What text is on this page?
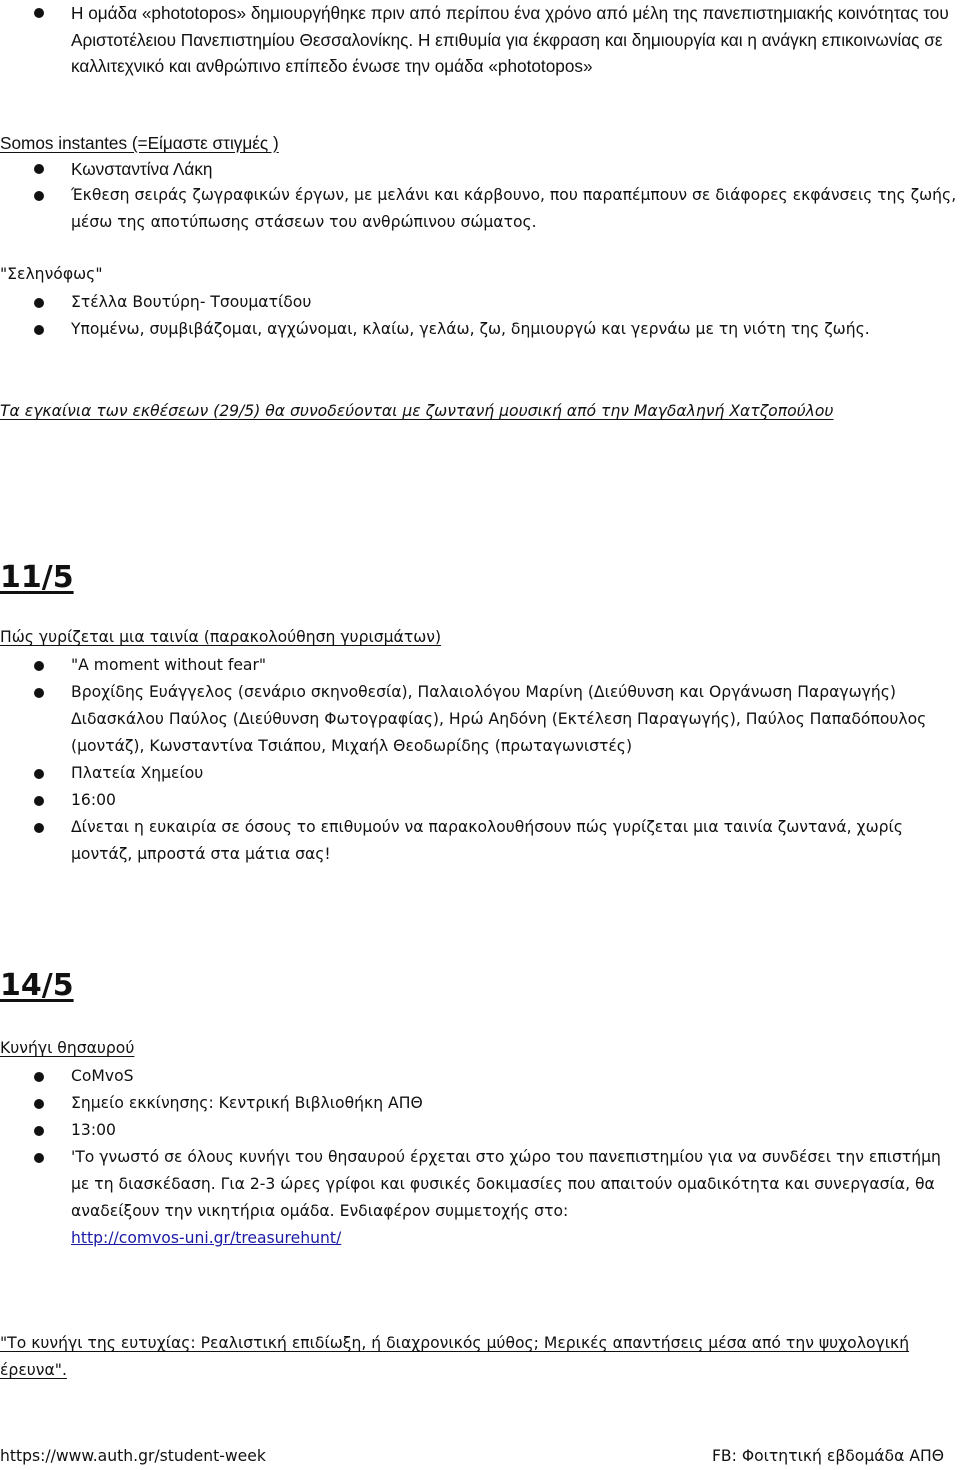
Η ομάδα «phototopos» δημιουργήθηκε πριν από περίπου ένα χρόνο από μέλη της πανεπιστημιακής κοινότητας του Αριστοτέλειου Πανεπιστημίου Θεσσαλονίκης. Η επιθυμία για έκφραση και δημιουργία και η ανάγκη επικοινωνίας σε καλλιτεχνικό και ανθρώπινο επίπεδο ένωσε την ομάδα «phototopos»
Somos instantes (=Είμαστε στιγμές )
Κωνσταντίνα Λάκη
Έκθεση σειράς ζωγραφικών έργων, με μελάνι και κάρβουνο, που παραπέμπουν σε διάφορες εκφάνσεις της ζωής, μέσω της αποτύπωσης στάσεων του ανθρώπινου σώματος.
"Σεληνόφως"
Στέλλα Βουτύρη- Τσουματίδου
Υπομένω, συμβιβάζομαι, αγχώνομαι, κλαίω, γελάω, ζω, δημιουργώ και γερνάω με τη νιότη της ζωής.
Τα εγκαίνια των εκθέσεων (29/5) θα συνοδεύονται με ζωντανή μουσική από την Μαγδαληνή Χατζοπούλου
11/5
Πώς γυρίζεται μια ταινία (παρακολούθηση γυρισμάτων)
"A moment without fear"
Βροχίδης Ευάγγελος (σενάριο σκηνοθεσία), Παλαιολόγου Μαρίνη (Διεύθυνση και Οργάνωση Παραγωγής) Διδασκάλου Παύλος (Διεύθυνση Φωτογραφίας), Ηρώ Αηδόνη (Εκτέλεση Παραγωγής), Παύλος Παπαδόπουλος (μοντάζ), Κωνσταντίνα Τσιάπου, Μιχαήλ Θεοδωρίδης (πρωταγωνιστές)
Πλατεία Χημείου
16:00
Δίνεται η ευκαιρία σε όσους το επιθυμούν να παρακολουθήσουν πώς γυρίζεται μια ταινία ζωντανά, χωρίς μοντάζ, μπροστά στα μάτια σας!
14/5
Κυνήγι θησαυρού
CoMvoS
Σημείο εκκίνησης: Κεντρική Βιβλιοθήκη ΑΠΘ
13:00
'Το γνωστό σε όλους κυνήγι του θησαυρού έρχεται στο χώρο του πανεπιστημίου για να συνδέσει την επιστήμη με τη διασκέδαση. Για 2-3 ώρες γρίφοι και φυσικές δοκιμασίες που απαιτούν ομαδικότητα και συνεργασία, θα αναδείξουν την νικητήρια ομάδα. Ενδιαφέρον συμμετοχής στο:
http://comvos-uni.gr/treasurehunt/
"Το κυνήγι της ευτυχίας: Ρεαλιστική επιδίωξη, ή διαχρονικός μύθος; Μερικές απαντήσεις μέσα από την ψυχολογική έρευνα".
https://www.auth.gr/student-week	FB: Φοιτητική εβδομάδα ΑΠΘ
